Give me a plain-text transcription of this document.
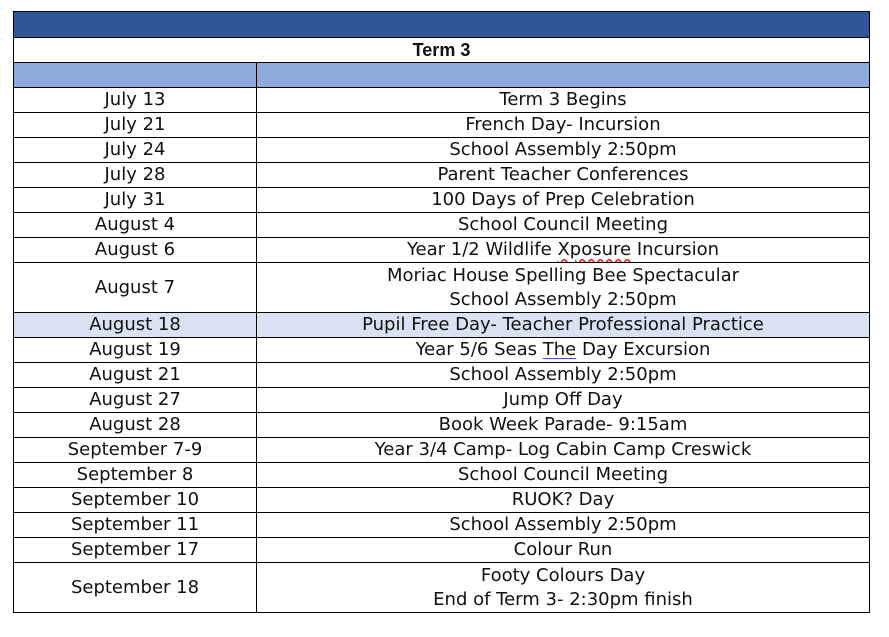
Term 3	

July 13	Term 3 Begins
July 21	French Day- Incursion
July 24	School Assembly 2:50pm
July 28	Parent Teacher Conferences
July 31	100 Days of Prep Celebration
August 4	School Council Meeting
August 6	Year 1/2 Wildlife Xposure Incursion
August 7	Moriac House Spelling Bee Spectacular
School Assembly 2:50pm

August 18	Pupil Free Day- Teacher Professional Practice
August 19	Year 5/6 Seas The Day Excursion
August 21	School Assembly 2:50pm
August 27	Jump Off Day
August 28	Book Week Parade- 9:15am
September 7-9	Year 3/4 Camp- Log Cabin Camp Creswick
September 8	School Council Meeting
September 10	RUOK? Day
September 11	School Assembly 2:50pm
September 17	Colour Run
September 18	Footy Colours Day
End of Term 3- 2:30pm finish
